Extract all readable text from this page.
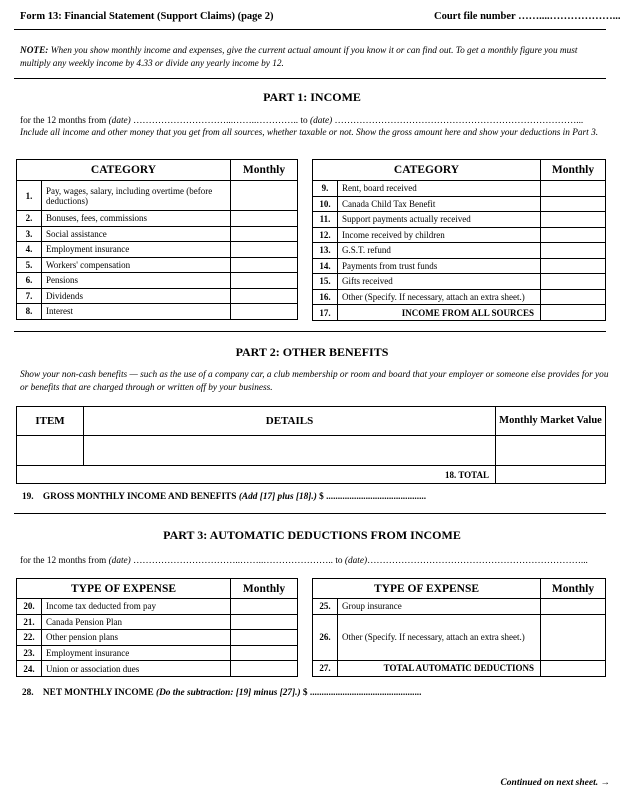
Form 13: Financial Statement (Support Claims) (page 2)	Court file number ……....………………...
NOTE: When you show monthly income and expenses, give the current actual amount if you know it or can find out. To get a monthly figure you must multiply any weekly income by 4.33 or divide any yearly income by 12.
PART 1: INCOME
for the 12 months from (date) …………………………...……..………….. to (date) ……………………………………………………………………...
Include all income and other money that you get from all sources, whether taxable or not. Show the gross amount here and show your deductions in Part 3.
CATEGORY		Monthly
1.	Pay, wages, salary, including overtime (before deductions)	
2.	Bonuses, fees, commissions	
3.	Social assistance	
4.	Employment insurance	
5.	Workers' compensation	
6.	Pensions	
7.	Dividends	
8.	Interest	
CATEGORY		Monthly
9.	Rent, board received	
10.	Canada Child Tax Benefit	
11.	Support payments actually received	
12.	Income received by children	
13.	G.S.T. refund	
14.	Payments from trust funds	
15.	Gifts received	
16.	Other (Specify. If necessary, attach an extra sheet.)	
17.	INCOME FROM ALL SOURCES	
PART 2: OTHER BENEFITS
Show your non-cash benefits — such as the use of a company car, a club membership or room and board that your employer or someone else provides for you or benefits that are charged through or written off by your business.
ITEM	DETAILS	Monthly Market Value

18. TOTAL		
19. GROSS MONTHLY INCOME AND BENEFITS (Add [17] plus [18].) $ ...........................................
PART 3: AUTOMATIC DEDUCTIONS FROM INCOME
for the 12 months from (date) ……………………………..……..………………….. to (date)……………………………………………………………...
TYPE OF EXPENSE		Monthly
20.	Income tax deducted from pay	
21.	Canada Pension Plan	
22.	Other pension plans	
23.	Employment insurance	
24.	Union or association dues	
TYPE OF EXPENSE		Monthly
25.	Group insurance	
26.	Other (Specify. If necessary, attach an extra sheet.)	
27.	TOTAL AUTOMATIC DEDUCTIONS	
28. NET MONTHLY INCOME (Do the subtraction: [19] minus [27].) $ ................................................
Continued on next sheet. →
